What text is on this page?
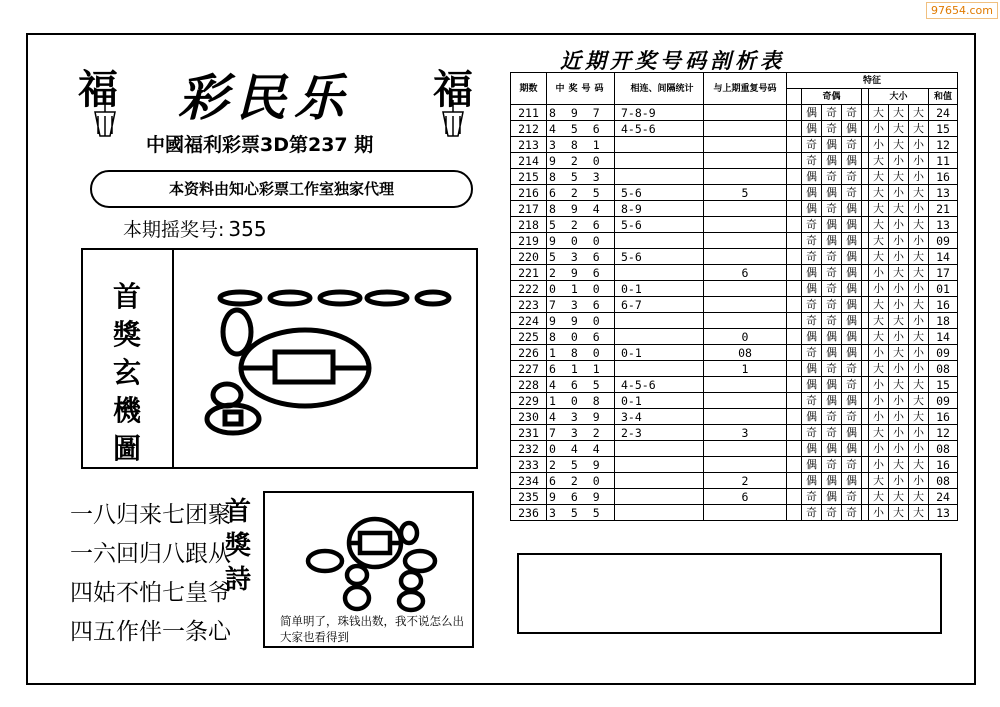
97654.com
福	福
彩民乐
中國福利彩票3D第237 期
本资料由知心彩票工作室独家代理
本期摇奖号: 355
首
獎
玄
機
圖
一八归来七团聚
一六回归八跟从
四姑不怕七皇爷
四五作伴一条心
首
獎
詩
简单明了，珠钱出数，我不说怎么出大家也看得到
近期开奖号码剖析表
期数	中奖号码	相连、间隔统计	与上期重复号码	特征								
					奇偶				大小			和值
211	8 9 7	7-8-9			偶	奇	奇		大	大	大	24
212	4 5 6	4-5-6			偶	奇	偶		小	大	大	15
213	3 8 1				奇	偶	奇		小	大	小	12
214	9 2 0				奇	偶	偶		大	小	小	11
215	8 5 3				偶	奇	奇		大	大	小	16
216	6 2 5	5-6	5		偶	偶	奇		大	小	大	13
217	8 9 4	8-9			偶	奇	偶		大	大	小	21
218	5 2 6	5-6			奇	偶	偶		大	小	大	13
219	9 0 0				奇	偶	偶		大	小	小	09
220	5 3 6	5-6			奇	奇	偶		大	小	大	14
221	2 9 6		6		偶	奇	偶		小	大	大	17
222	0 1 0	0-1			偶	奇	偶		小	小	小	01
223	7 3 6	6-7			奇	奇	偶		大	小	大	16
224	9 9 0				奇	奇	偶		大	大	小	18
225	8 0 6		0		偶	偶	偶		大	小	大	14
226	1 8 0	0-1	08		奇	偶	偶		小	大	小	09
227	6 1 1		1		偶	奇	奇		大	小	小	08
228	4 6 5	4-5-6			偶	偶	奇		小	大	大	15
229	1 0 8	0-1			奇	偶	偶		小	小	大	09
230	4 3 9	3-4			偶	奇	奇		小	小	大	16
231	7 3 2	2-3	3		奇	奇	偶		大	小	小	12
232	0 4 4				偶	偶	偶		小	小	小	08
233	2 5 9				偶	奇	奇		小	大	大	16
234	6 2 0		2		偶	偶	偶		大	小	小	08
235	9 6 9		6		奇	偶	奇		大	大	大	24
236	3 5 5				奇	奇	奇		小	大	大	13
